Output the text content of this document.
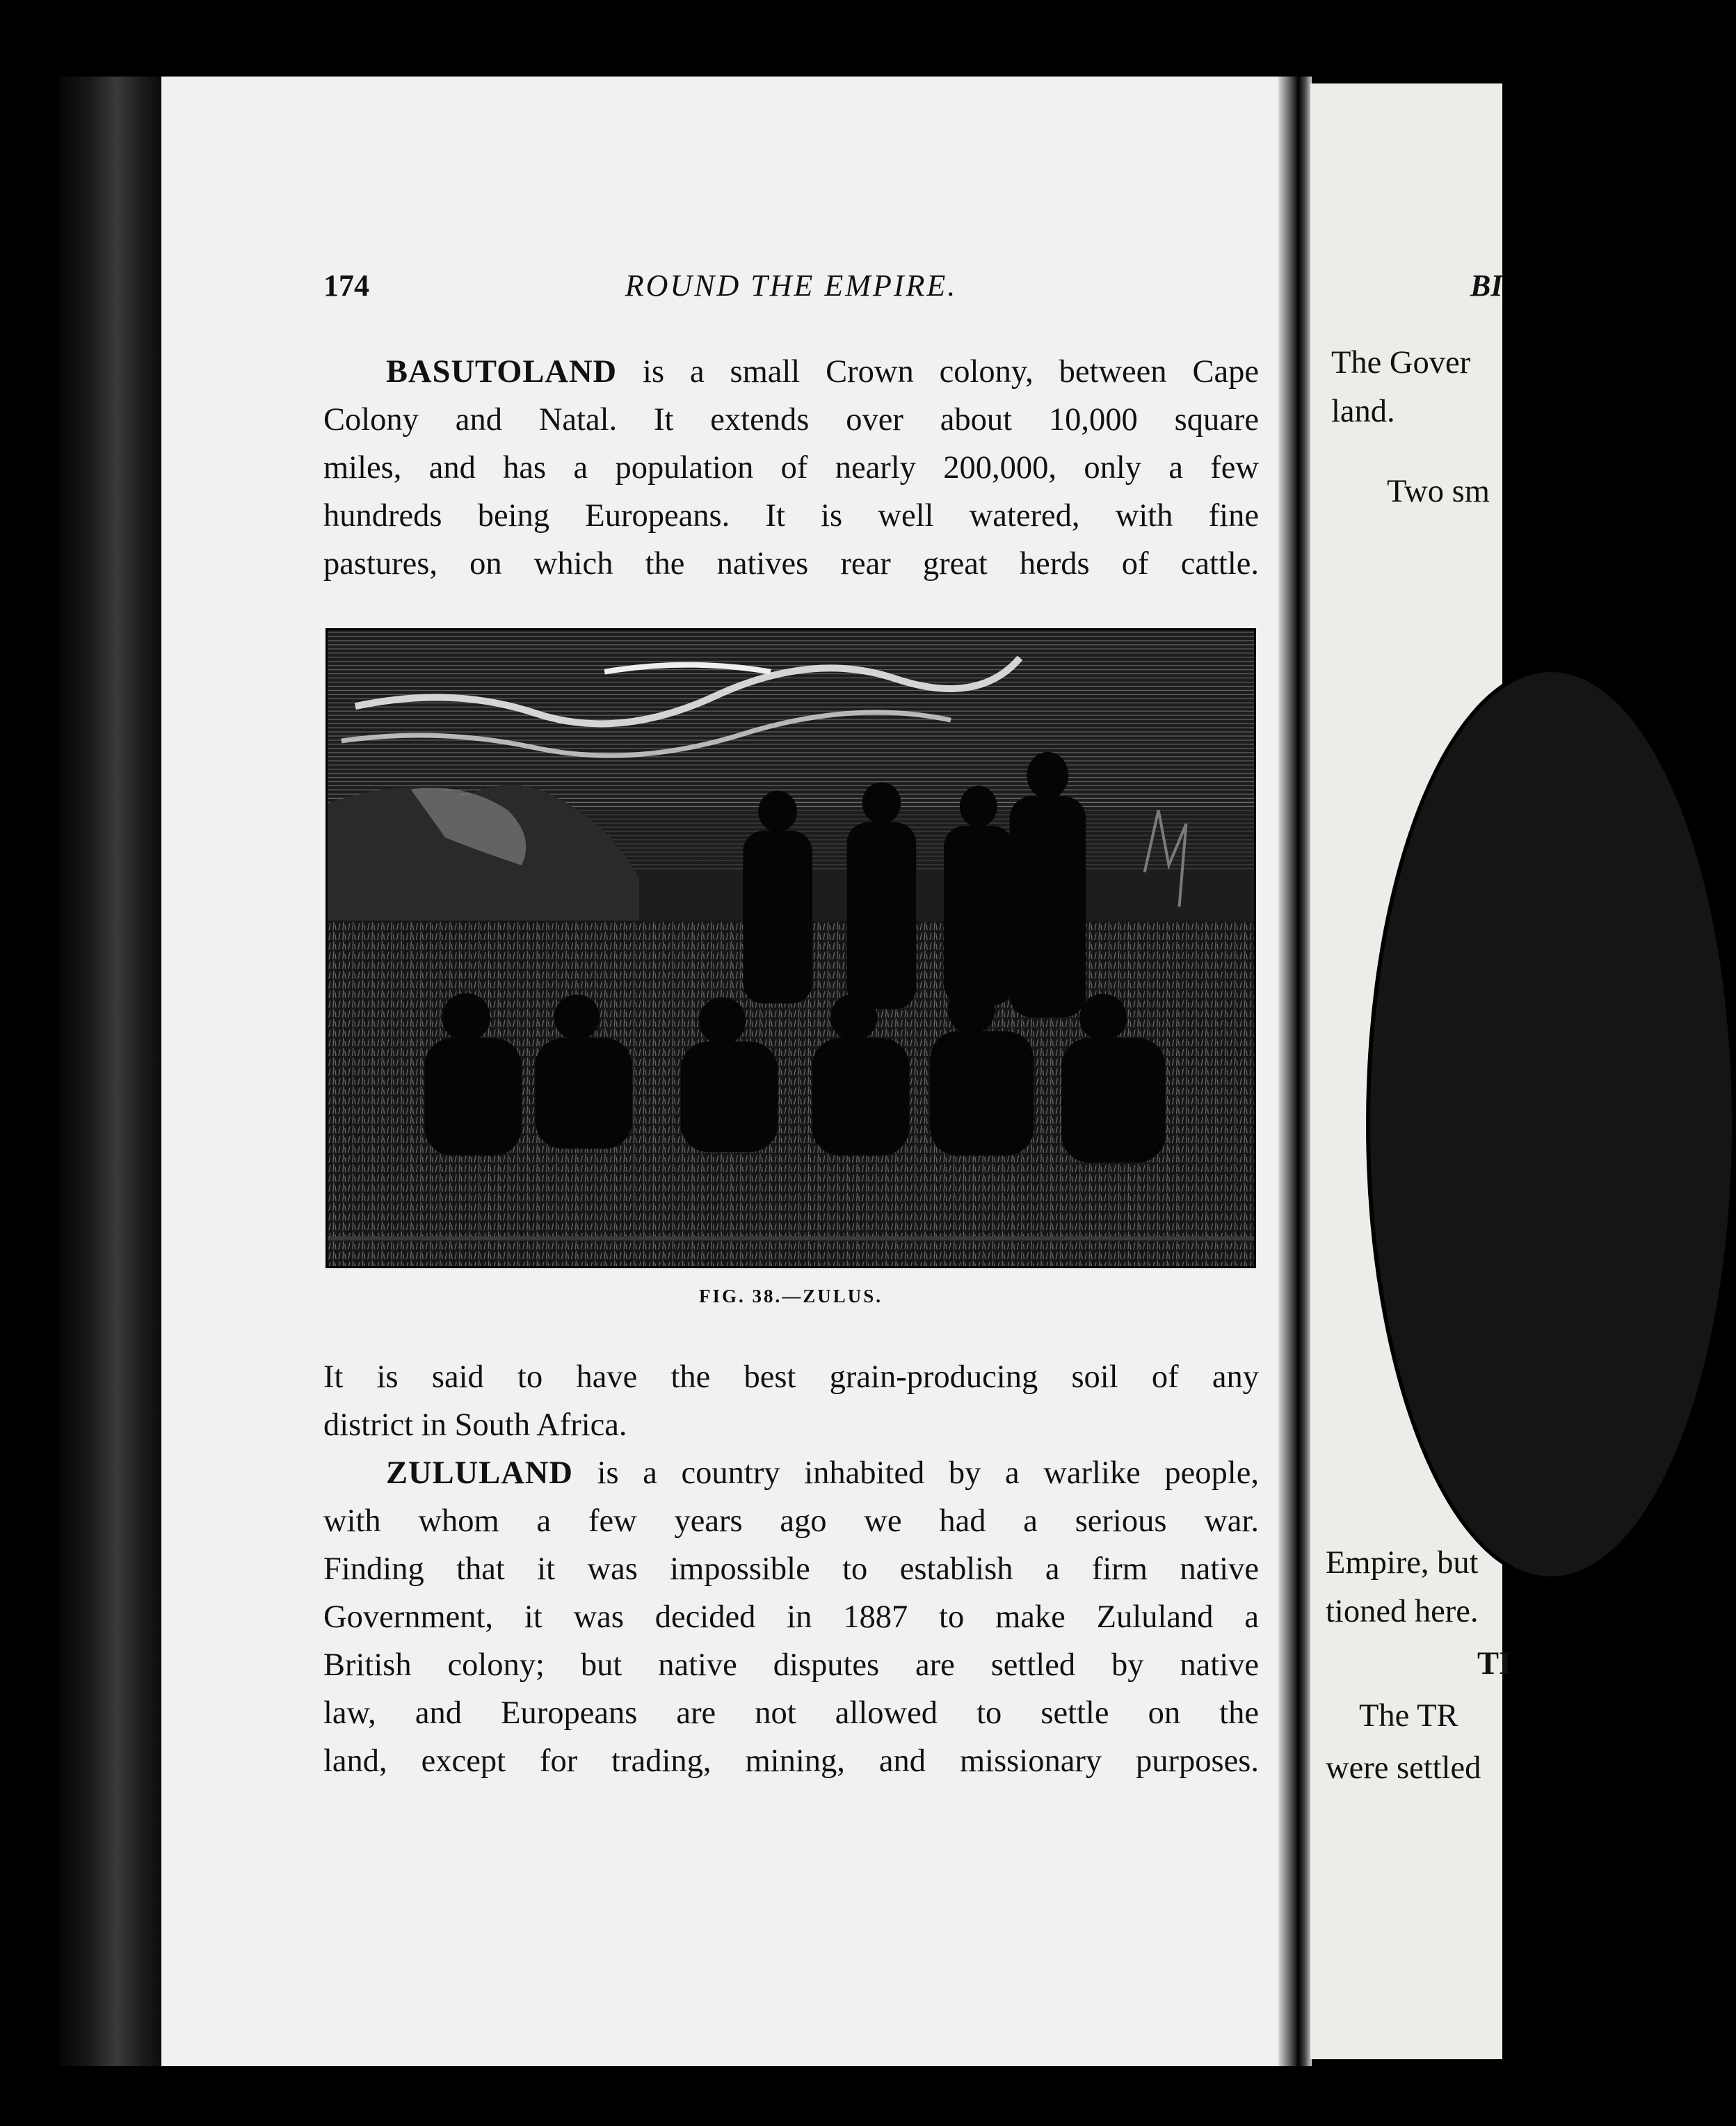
BI
The Gover
land.
Two sm
Empire, but
tioned here.
TI
The TR
were settled
174	ROUND THE EMPIRE.
BASUTOLAND is a small Crown colony, between Cape
Colony and Natal. It extends over about 10,000 square
miles, and has a population of nearly 200,000, only a few
hundreds being Europeans. It is well watered, with fine
pastures, on which the natives rear great herds of cattle.
FIG. 38.—ZULUS.
It is said to have the best grain-producing soil of any
district in South Africa.
ZULULAND is a country inhabited by a warlike people,
with whom a few years ago we had a serious war.
Finding that it was impossible to establish a firm native
Government, it was decided in 1887 to make Zululand a
British colony; but native disputes are settled by native
law, and Europeans are not allowed to settle on the
land, except for trading, mining, and missionary purposes.
